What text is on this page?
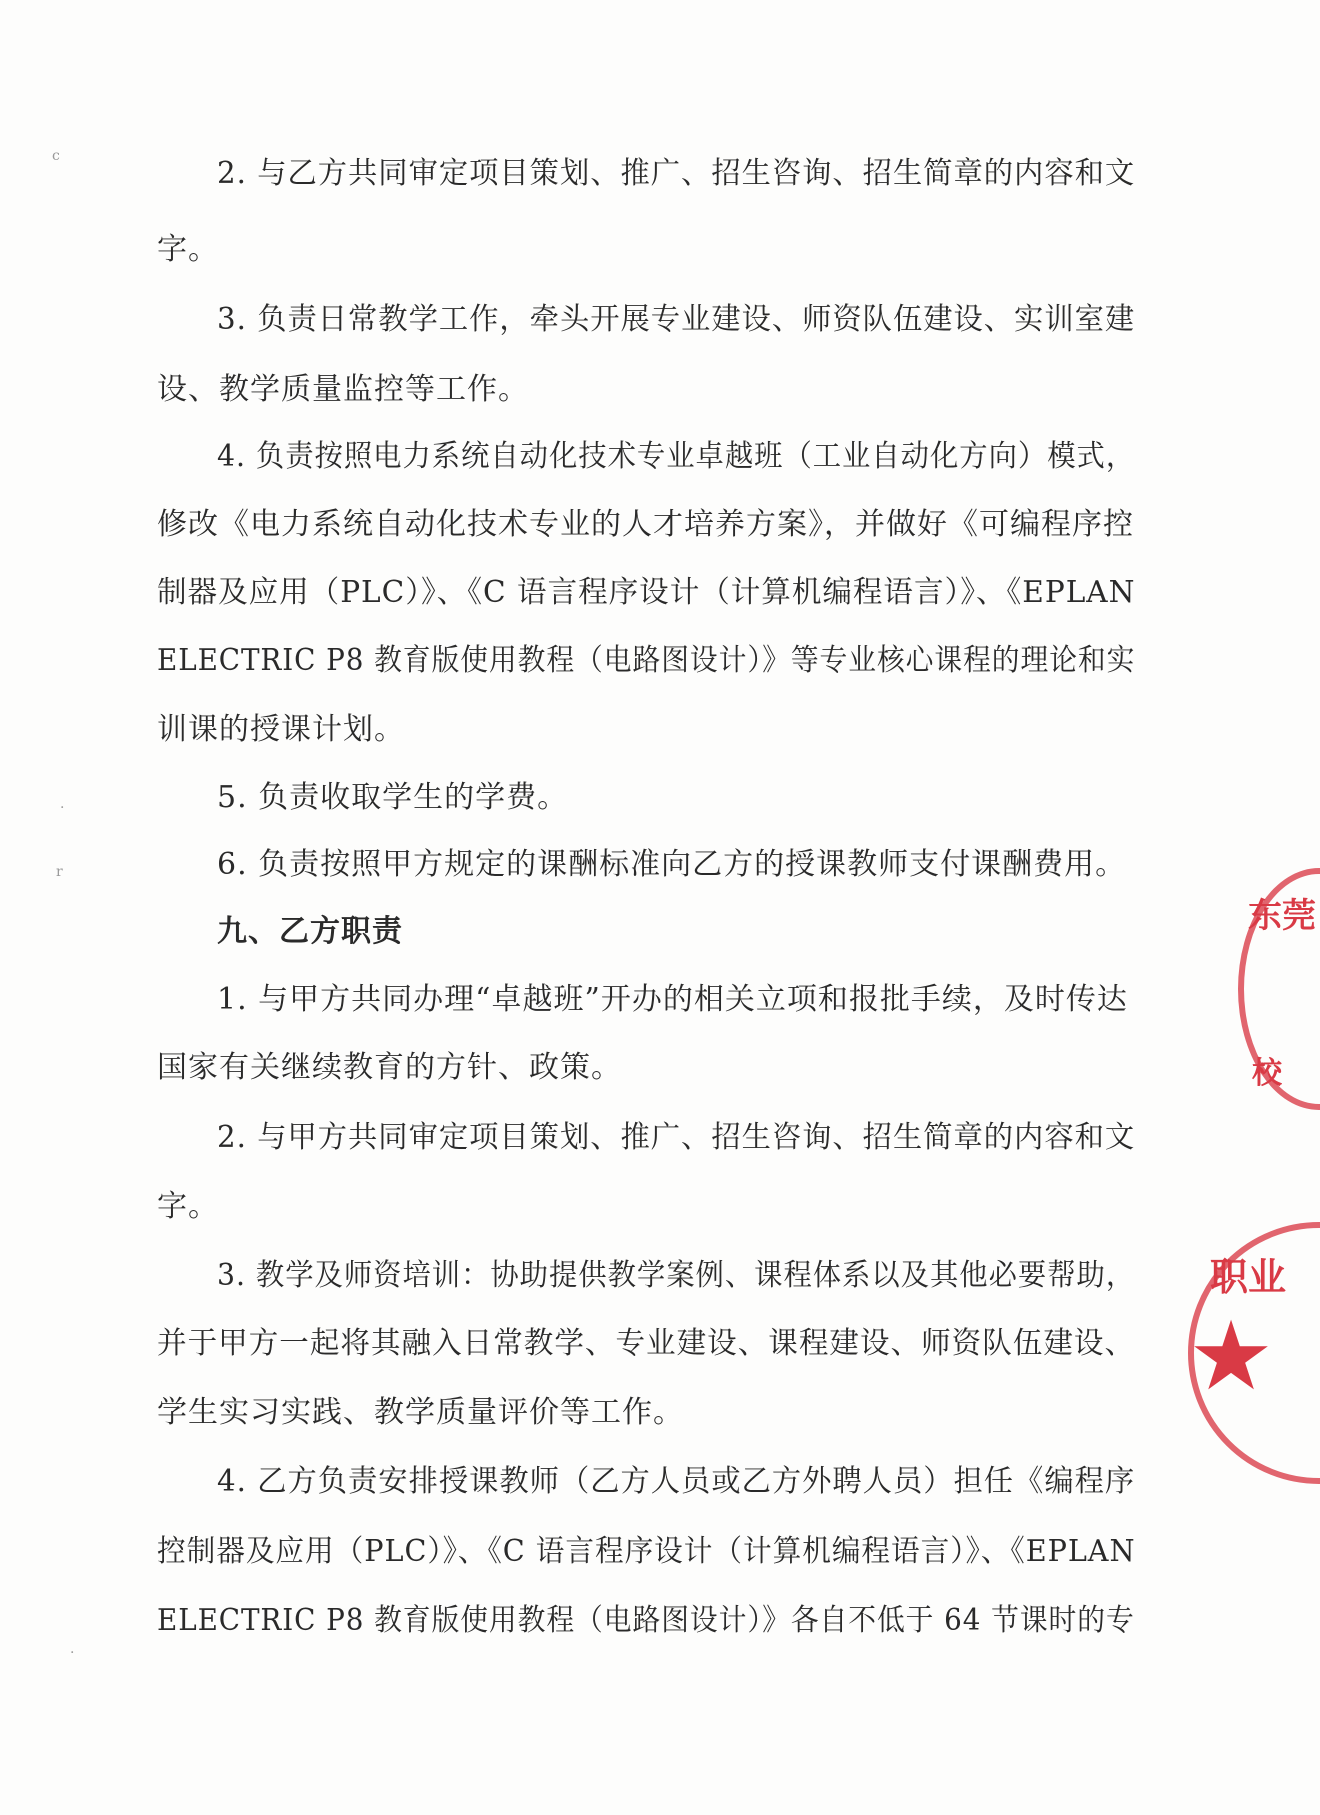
2. 与乙方共同审定项目策划、推广、招生咨询、招生简章的内容和文
字。
3. 负责日常教学工作，牵头开展专业建设、师资队伍建设、实训室建
设、教学质量监控等工作。
4. 负责按照电力系统自动化技术专业卓越班（工业自动化方向）模式，
修改《电力系统自动化技术专业的人才培养方案》，并做好《可编程序控
制器及应用（PLC）》、《C 语言程序设计（计算机编程语言）》、《EPLAN
ELECTRIC P8 教育版使用教程（电路图设计）》等专业核心课程的理论和实
训课的授课计划。
5. 负责收取学生的学费。
6. 负责按照甲方规定的课酬标准向乙方的授课教师支付课酬费用。
九、乙方职责
1. 与甲方共同办理“卓越班”开办的相关立项和报批手续，及时传达
国家有关继续教育的方针、政策。
2. 与甲方共同审定项目策划、推广、招生咨询、招生简章的内容和文
字。
3. 教学及师资培训：协助提供教学案例、课程体系以及其他必要帮助，
并于甲方一起将其融入日常教学、专业建设、课程建设、师资队伍建设、
学生实习实践、教学质量评价等工作。
4. 乙方负责安排授课教师（乙方人员或乙方外聘人员）担任《编程序
控制器及应用（PLC）》、《C 语言程序设计（计算机编程语言）》、《EPLAN
ELECTRIC P8 教育版使用教程（电路图设计）》各自不低于 64 节课时的专
东莞
校
职业
★
c
r
·
·
